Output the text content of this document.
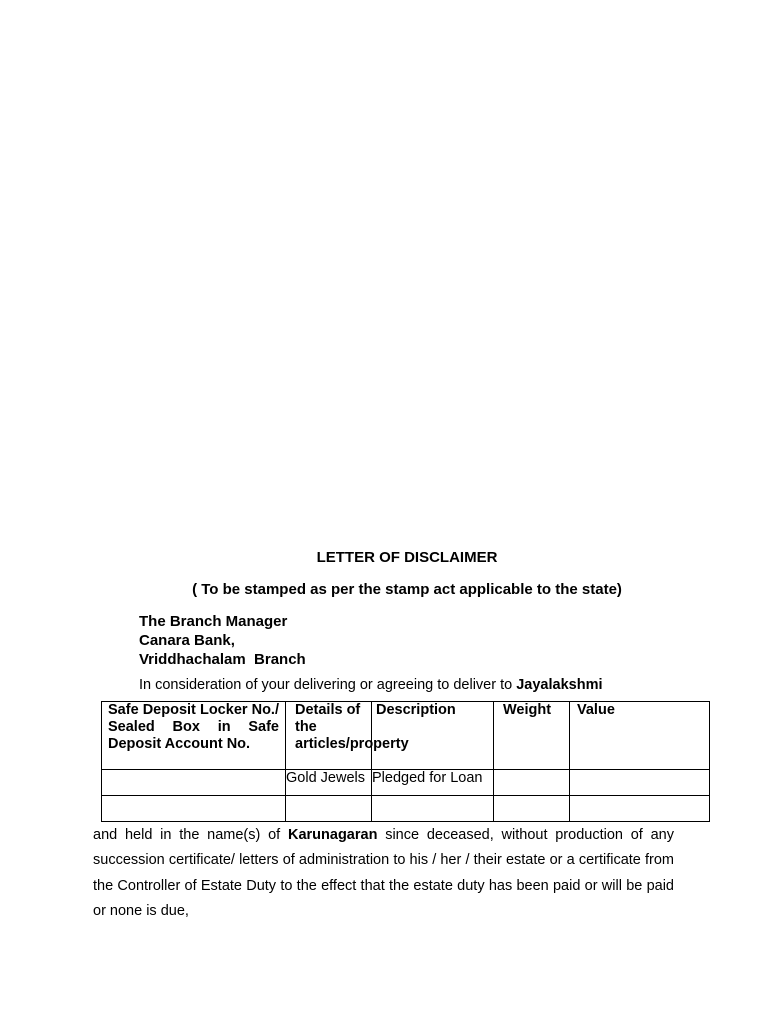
LETTER OF DISCLAIMER
( To be stamped as per the stamp act applicable to the state)
The Branch Manager
Canara Bank,
Vriddhachalam  Branch
In consideration of your delivering or agreeing to deliver to Jayalakshmi
Safe Deposit Locker No./ Sealed Box in Safe Deposit Account No.	Details of the articles/property	Description	Weight	Value
	Gold Jewels	Pledged for Loan		

and held in the name(s) of Karunagaran since deceased, without production of any succession certificate/ letters of administration to his / her / their estate or a certificate from the Controller of Estate Duty to the effect that the estate duty has been paid or will be paid or none is due,
